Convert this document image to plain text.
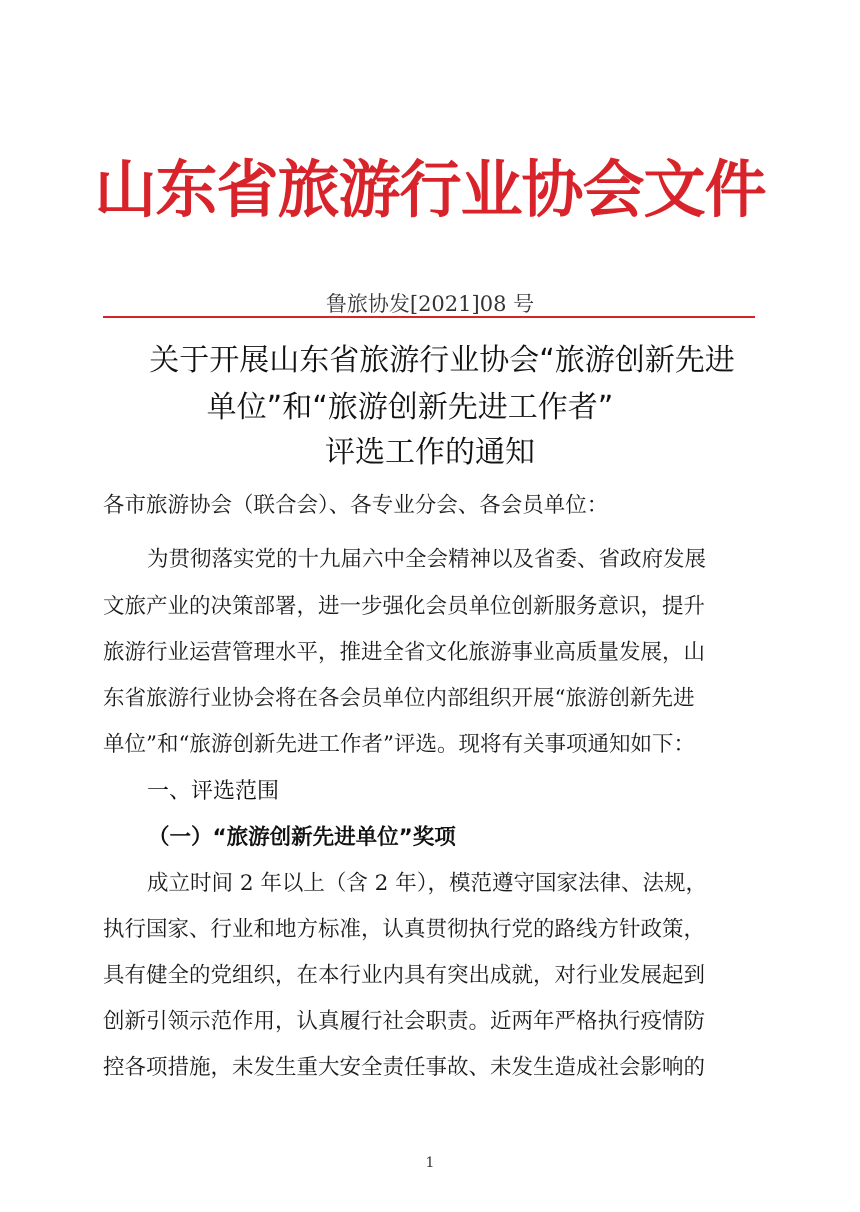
山东省旅游行业协会文件
鲁旅协发[2021]08 号
关于开展山东省旅游行业协会“旅游创新先进
单位”和“旅游创新先进工作者”
评选工作的通知
各市旅游协会（联合会）、各专业分会、各会员单位：
为贯彻落实党的十九届六中全会精神以及省委、省政府发展
文旅产业的决策部署，进一步强化会员单位创新服务意识，提升
旅游行业运营管理水平，推进全省文化旅游事业高质量发展，山
东省旅游行业协会将在各会员单位内部组织开展“旅游创新先进
单位”和“旅游创新先进工作者”评选。现将有关事项通知如下：
一、评选范围
（一）“旅游创新先进单位”奖项
成立时间 2 年以上（含 2 年），模范遵守国家法律、法规，
执行国家、行业和地方标准，认真贯彻执行党的路线方针政策，
具有健全的党组织，在本行业内具有突出成就，对行业发展起到
创新引领示范作用，认真履行社会职责。近两年严格执行疫情防
控各项措施，未发生重大安全责任事故、未发生造成社会影响的
1
